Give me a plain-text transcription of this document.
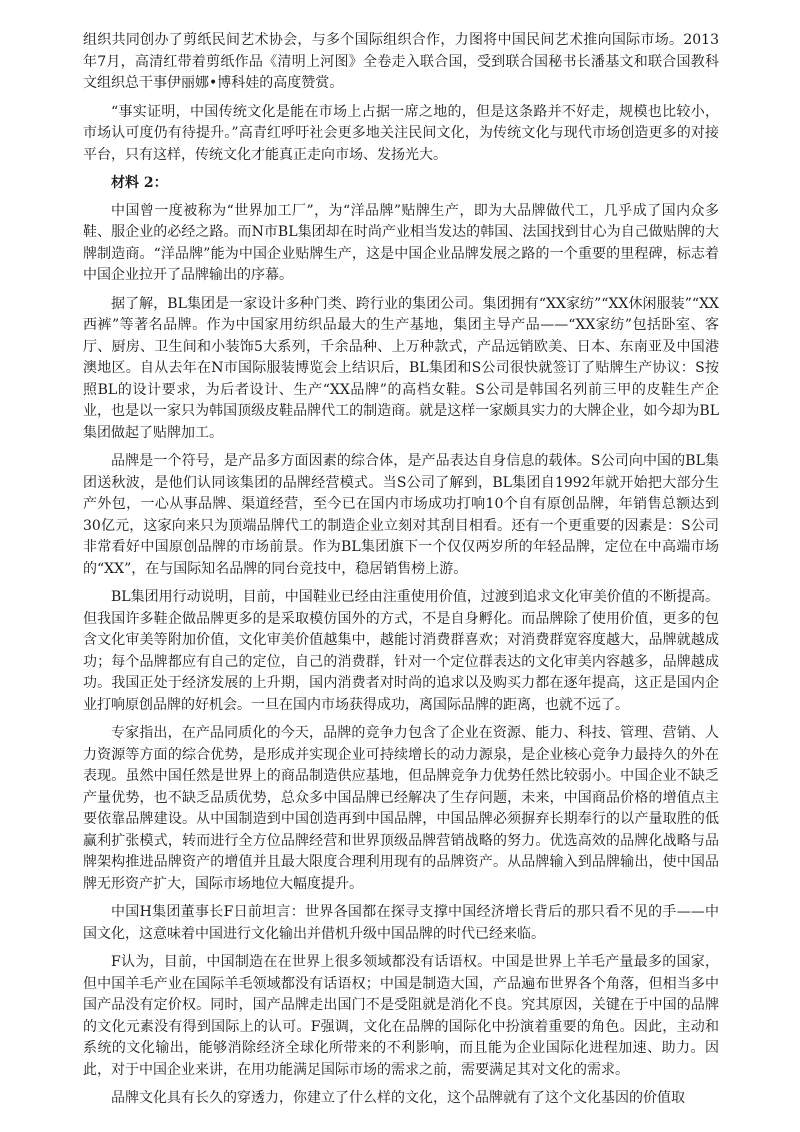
组织共同创办了剪纸民间艺术协会，与多个国际组织合作，力图将中国民间艺术推向国际市场。2013年7月，高清红带着剪纸作品《清明上河图》全卷走入联合国，受到联合国秘书长潘基文和联合国教科文组织总干事伊丽娜•博科娃的高度赞赏。

“事实证明，中国传统文化是能在市场上占据一席之地的，但是这条路并不好走，规模也比较小，市场认可度仍有待提升。”高青红呼吁社会更多地关注民间文化，为传统文化与现代市场创造更多的对接平台，只有这样，传统文化才能真正走向市场、发扬光大。

材料 2：

中国曾一度被称为“世界加工厂”，为“洋品牌”贴牌生产，即为大品牌做代工，几乎成了国内众多鞋、服企业的必经之路。而N市BL集团却在时尚产业相当发达的韩国、法国找到甘心为自己做贴牌的大牌制造商。“洋品牌”能为中国企业贴牌生产，这是中国企业品牌发展之路的一个重要的里程碑，标志着中国企业拉开了品牌输出的序幕。

据了解，BL集团是一家设计多种门类、跨行业的集团公司。集团拥有“XX家纺”“XX休闲服装”“XX西裤”等著名品牌。作为中国家用纺织品最大的生产基地，集团主导产品——“XX家纺”包括卧室、客厅、厨房、卫生间和小装饰5大系列，千余品种、上万种款式，产品远销欧美、日本、东南亚及中国港澳地区。自从去年在N市国际服装博览会上结识后，BL集团和S公司很快就签订了贴牌生产协议：S按照BL的设计要求，为后者设计、生产“XX品牌”的高档女鞋。S公司是韩国名列前三甲的皮鞋生产企业，也是以一家只为韩国顶级皮鞋品牌代工的制造商。就是这样一家颇具实力的大牌企业，如今却为BL集团做起了贴牌加工。

品牌是一个符号，是产品多方面因素的综合体，是产品表达自身信息的载体。S公司向中国的BL集团送秋波，是他们认同该集团的品牌经营模式。当S公司了解到，BL集团自1992年就开始把大部分生产外包，一心从事品牌、渠道经营，至今已在国内市场成功打响10个自有原创品牌，年销售总额达到30亿元，这家向来只为顶端品牌代工的制造企业立刻对其刮目相看。还有一个更重要的因素是：S公司非常看好中国原创品牌的市场前景。作为BL集团旗下一个仅仅两岁所的年轻品牌，定位在中高端市场的“XX”，在与国际知名品牌的同台竞技中，稳居销售榜上游。

BL集团用行动说明，目前，中国鞋业已经由注重使用价值，过渡到追求文化审美价值的不断提高。但我国许多鞋企做品牌更多的是采取模仿国外的方式，不是自身孵化。而品牌除了使用价值，更多的包含文化审美等附加价值，文化审美价值越集中，越能讨消费群喜欢；对消费群宽容度越大，品牌就越成功；每个品牌都应有自己的定位，自己的消费群，针对一个定位群表达的文化审美内容越多，品牌越成功。我国正处于经济发展的上升期，国内消费者对时尚的追求以及购买力都在逐年提高，这正是国内企业打响原创品牌的好机会。一旦在国内市场获得成功，离国际品牌的距离，也就不远了。

专家指出，在产品同质化的今天，品牌的竞争力包含了企业在资源、能力、科技、管理、营销、人力资源等方面的综合优势，是形成并实现企业可持续增长的动力源泉，是企业核心竞争力最持久的外在表现。虽然中国任然是世界上的商品制造供应基地，但品牌竞争力优势任然比较弱小。中国企业不缺乏产量优势，也不缺乏品质优势，总众多中国品牌已经解决了生存问题，未来，中国商品价格的增值点主要依靠品牌建设。从中国制造到中国创造再到中国品牌，中国品牌必须摒弃长期奉行的以产量取胜的低赢利扩张模式，转而进行全方位品牌经营和世界顶级品牌营销战略的努力。优选高效的品牌化战略与品牌架构推进品牌资产的增值并且最大限度合理利用现有的品牌资产。从品牌输入到品牌输出，使中国品牌无形资产扩大，国际市场地位大幅度提升。

中国H集团董事长F日前坦言：世界各国都在探寻支撑中国经济增长背后的那只看不见的手——中国文化，这意味着中国进行文化输出并借机升级中国品牌的时代已经来临。

F认为，目前，中国制造在在世界上很多领域都没有话语权。中国是世界上羊毛产量最多的国家，但中国羊毛产业在国际羊毛领域都没有话语权；中国是制造大国，产品遍布世界各个角落，但相当多中国产品没有定价权。同时，国产品牌走出国门不是受阻就是消化不良。究其原因，关键在于中国的品牌的文化元素没有得到国际上的认可。F强调，文化在品牌的国际化中扮演着重要的角色。因此，主动和系统的文化输出，能够消除经济全球化所带来的不利影响，而且能为企业国际化进程加速、助力。因此，对于中国企业来讲，在用功能满足国际市场的需求之前，需要满足其对文化的需求。

品牌文化具有长久的穿透力，你建立了什么样的文化，这个品牌就有了这个文化基因的价值取
